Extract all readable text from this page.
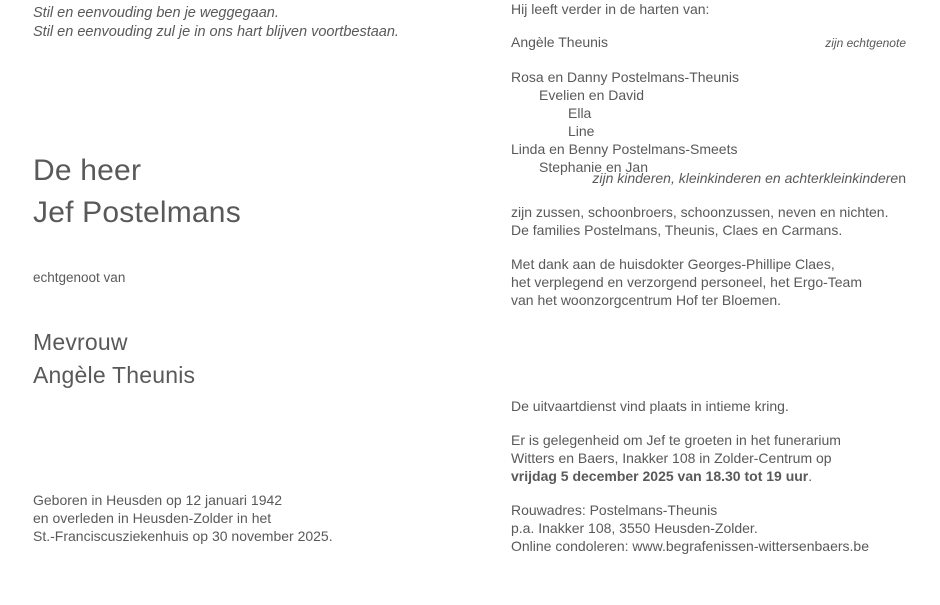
Stil en eenvouding ben je weggegaan.
Stil en eenvouding zul je in ons hart blijven voortbestaan.
De heer
Jef Postelmans
echtgenoot van
Mevrouw
Angèle Theunis
Geboren in Heusden op 12 januari 1942
en overleden in Heusden-Zolder in het
St.-Franciscusziekenhuis op 30 november 2025.
Hij leeft verder in de harten van:
Angèle Theunis	zijn echtgenote
Rosa en Danny Postelmans-Theunis
Evelien en David
Ella
Line
Linda en Benny Postelmans-Smeets
Stephanie en Jan
zijn kinderen, kleinkinderen en achterkleinkinderen
zijn zussen, schoonbroers, schoonzussen, neven en nichten.
De families Postelmans, Theunis, Claes en Carmans.
Met dank aan de huisdokter Georges-Phillipe Claes,
het verplegend en verzorgend personeel, het Ergo-Team
van het woonzorgcentrum Hof ter Bloemen.
De uitvaartdienst vind plaats in intieme kring.
Er is gelegenheid om Jef te groeten in het funerarium
Witters en Baers, Inakker 108 in Zolder-Centrum op
vrijdag 5 december 2025 van 18.30 tot 19 uur.
Rouwadres: Postelmans-Theunis
p.a. Inakker 108, 3550 Heusden-Zolder.
Online condoleren: www.begrafenissen-wittersenbaers.be
